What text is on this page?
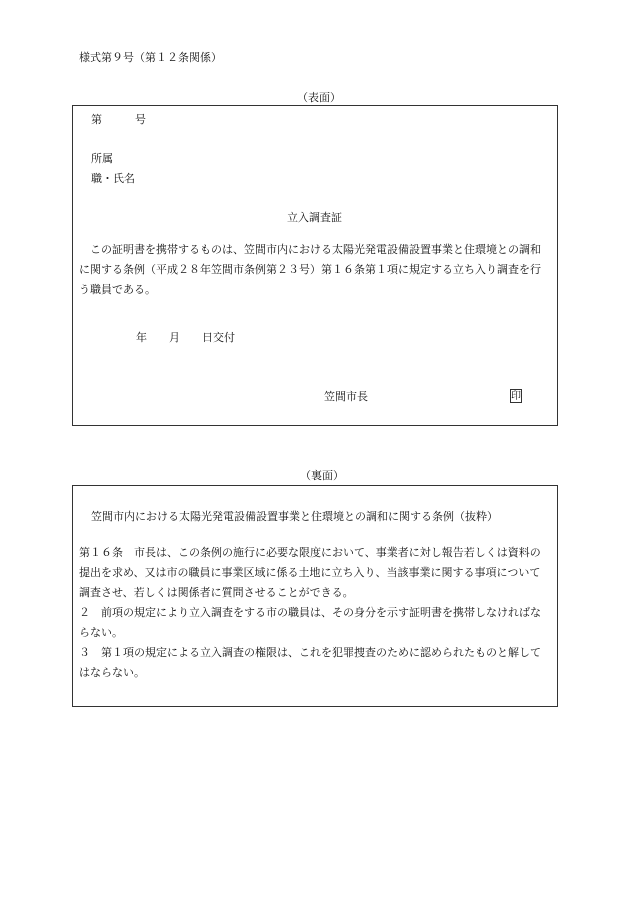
様式第９号（第１２条関係）
（表面）
第　　　号
所属
職・氏名
立入調査証
　この証明書を携帯するものは、笠間市内における太陽光発電設備設置事業と住環境との調和に関する条例（平成２８年笠間市条例第２３号）第１６条第１項に規定する立ち入り調査を行う職員である。
年　　月　　日交付
笠間市長	印
（裏面）
笠間市内における太陽光発電設備設置事業と住環境との調和に関する条例（抜粋）
第１６条　市長は、この条例の施行に必要な限度において、事業者に対し報告若しくは資料の提出を求め、又は市の職員に事業区域に係る土地に立ち入り、当該事業に関する事項について調査させ、若しくは関係者に質問させることができる。
２　前項の規定により立入調査をする市の職員は、その身分を示す証明書を携帯しなければならない。
３　第１項の規定による立入調査の権限は、これを犯罪捜査のために認められたものと解してはならない。
